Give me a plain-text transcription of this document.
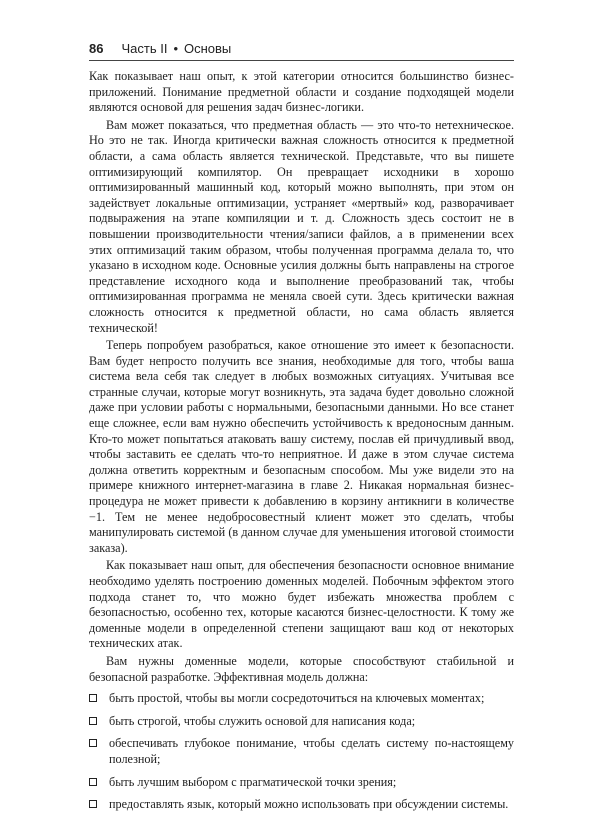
86 Часть II • Основы

Как показывает наш опыт, к этой категории относится большинство бизнес-приложений. Понимание предметной области и создание подходящей модели являются основой для решения задач бизнес-логики.

Вам может показаться, что предметная область — это что-то нетехническое. Но это не так. Иногда критически важная сложность относится к предметной области, а сама область является технической. Представьте, что вы пишете оптимизирующий компилятор. Он превращает исходники в хорошо оптимизированный машинный код, который можно выполнять, при этом он задействует локальные оптимизации, устраняет «мертвый» код, разворачивает подвыражения на этапе компиляции и т. д. Сложность здесь состоит не в повышении производительности чтения/записи файлов, а в применении всех этих оптимизаций таким образом, чтобы полученная программа делала то, что указано в исходном коде. Основные усилия должны быть направлены на строгое представление исходного кода и выполнение преобразований так, чтобы оптимизированная программа не меняла своей сути. Здесь критически важная сложность относится к предметной области, но сама область является технической!

Теперь попробуем разобраться, какое отношение это имеет к безопасности. Вам будет непросто получить все знания, необходимые для того, чтобы ваша система вела себя так следует в любых возможных ситуациях. Учитывая все странные случаи, которые могут возникнуть, эта задача будет довольно сложной даже при условии работы с нормальными, безопасными данными. Но все станет еще сложнее, если вам нужно обеспечить устойчивость к вредоносным данным. Кто-то может попытаться атаковать вашу систему, послав ей причудливый ввод, чтобы заставить ее сделать что-то неприятное. И даже в этом случае система должна ответить корректным и безопасным способом. Мы уже видели это на примере книжного интернет-магазина в главе 2. Никакая нормальная бизнес-процедура не может привести к добавлению в корзину антикниги в количестве −1. Тем не менее недобросовестный клиент может это сделать, чтобы манипулировать системой (в данном случае для уменьшения итоговой стоимости заказа).

Как показывает наш опыт, для обеспечения безопасности основное внимание необходимо уделять построению доменных моделей. Побочным эффектом этого подхода станет то, что можно будет избежать множества проблем с безопасностью, особенно тех, которые касаются бизнес-целостности. К тому же доменные модели в определенной степени защищают ваш код от некоторых технических атак.

Вам нужны доменные модели, которые способствуют стабильной и безопасной разработке. Эффективная модель должна:

быть простой, чтобы вы могли сосредоточиться на ключевых моментах;
быть строгой, чтобы служить основой для написания кода;
обеспечивать глубокое понимание, чтобы сделать систему по-настоящему полезной;
быть лучшим выбором с прагматической точки зрения;
предоставлять язык, который можно использовать при обсуждении системы.
